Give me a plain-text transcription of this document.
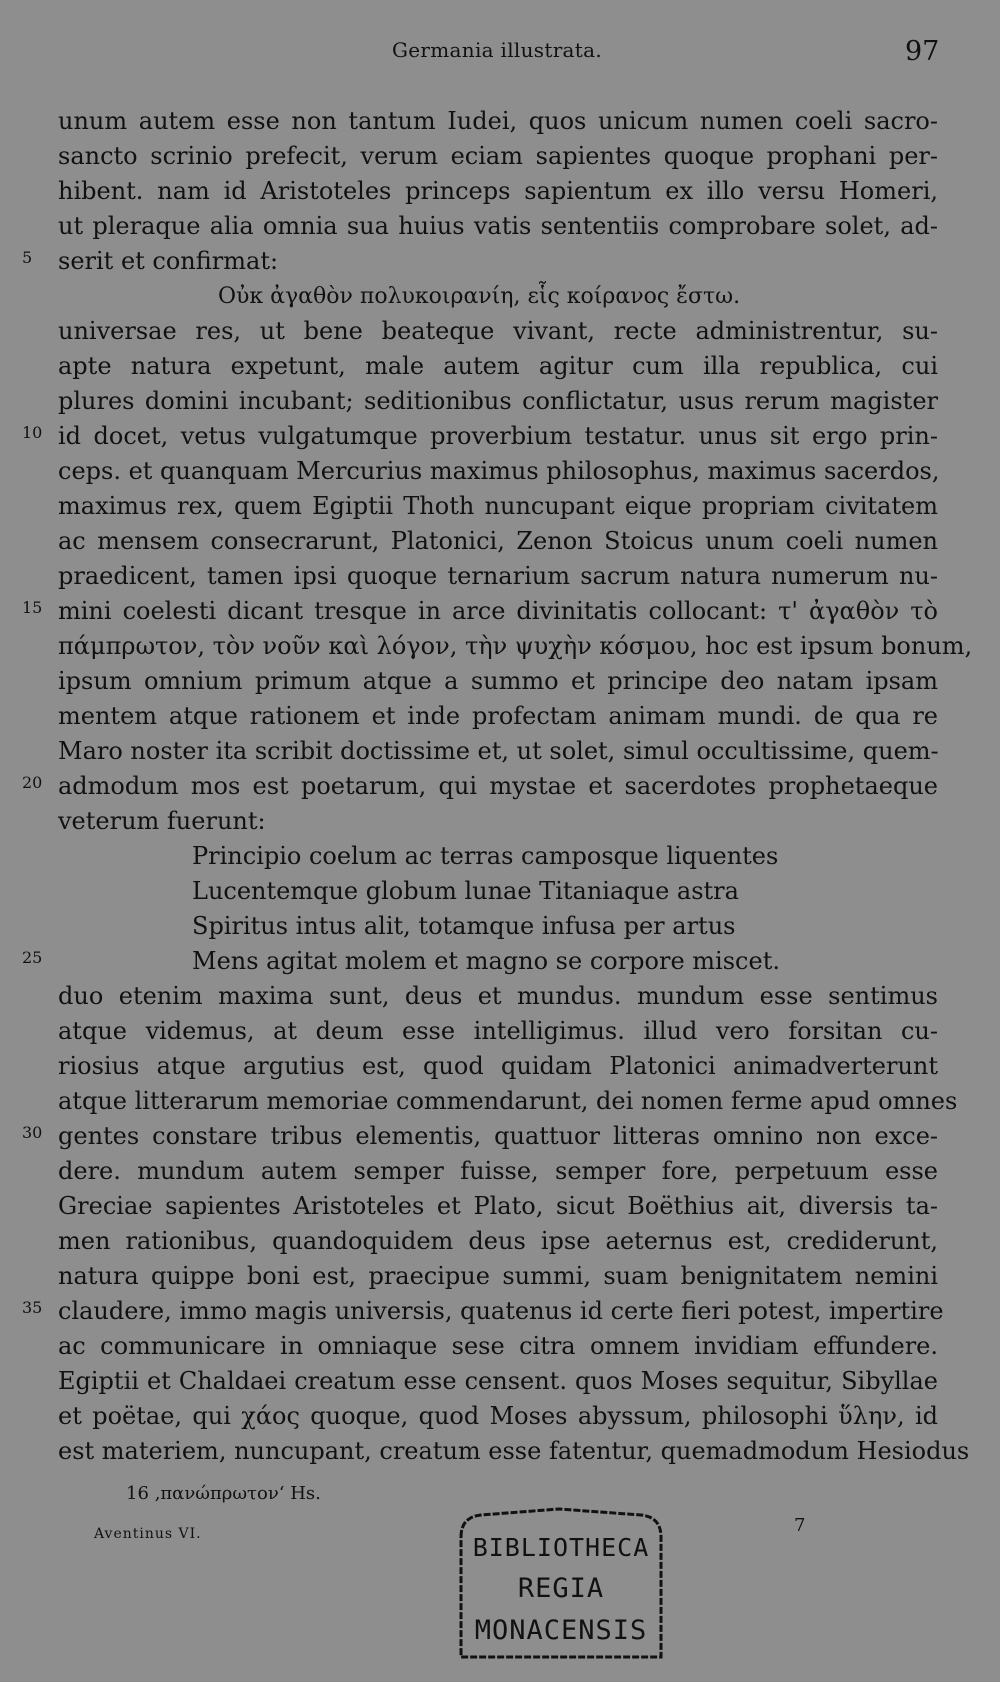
Germania illustrata.	97
unum autem esse non tantum Iudei, quos unicum numen coeli sacro-
sancto scrinio prefecit, verum eciam sapientes quoque prophani per-
hibent. nam id Aristoteles princeps sapientum ex illo versu Homeri,
ut pleraque alia omnia sua huius vatis sententiis comprobare solet, ad-
5	serit et confirmat:
Οὐκ ἀγαθὸν πολυκοιρανίη, εἷς κοίρανος ἔστω.
universae res, ut bene beateque vivant, recte administrentur, su-
apte natura expetunt, male autem agitur cum illa republica, cui
plures domini incubant; seditionibus conflictatur, usus rerum magister
10 id docet, vetus vulgatumque proverbium testatur. unus sit ergo prin-
ceps. et quanquam Mercurius maximus philosophus, maximus sacerdos,
maximus rex, quem Egiptii Thoth nuncupant eique propriam civitatem
ac mensem consecrarunt, Platonici, Zenon Stoicus unum coeli numen
praedicent, tamen ipsi quoque ternarium sacrum natura numerum nu-
15 mini coelesti dicant tresque in arce divinitatis collocant: τ' ἀγαθὸν τὸ
πάμπρωτον, τὸν νοῦν καὶ λόγον, τὴν ψυχὴν κόσμου, hoc est ipsum bonum,
ipsum omnium primum atque a summo et principe deo natam ipsam
mentem atque rationem et inde profectam animam mundi. de qua re
Maro noster ita scribit doctissime et, ut solet, simul occultissime, quem-
20 admodum mos est poetarum, qui mystae et sacerdotes prophetaeque
veterum fuerunt:
Principio coelum ac terras camposque liquentes
Lucentemque globum lunae Titaniaque astra
Spiritus intus alit, totamque infusa per artus
25	Mens agitat molem et magno se corpore miscet.
duo etenim maxima sunt, deus et mundus. mundum esse sentimus
atque videmus, at deum esse intelligimus. illud vero forsitan cu-
riosius atque argutius est, quod quidam Platonici animadverterunt
atque litterarum memoriae commendarunt, dei nomen ferme apud omnes
30 gentes constare tribus elementis, quattuor litteras omnino non exce-
dere. mundum autem semper fuisse, semper fore, perpetuum esse
Greciae sapientes Aristoteles et Plato, sicut Boëthius ait, diversis ta-
men rationibus, quandoquidem deus ipse aeternus est, crediderunt,
natura quippe boni est, praecipue summi, suam benignitatem nemini
35 claudere, immo magis universis, quatenus id certe fieri potest, impertire
ac communicare in omniaque sese citra omnem invidiam effundere.
Egiptii et Chaldaei creatum esse censent. quos Moses sequitur, Sibyllae
et poëtae, qui χάος quoque, quod Moses abyssum, philosophi ὕλην, id
est materiem, nuncupant, creatum esse fatentur, quemadmodum Hesiodus
16 ‚πανώπρωτον‘ Hs.
Aventinus VI.	7
BIBLIOTHECA
REGIA
MONACENSIS
